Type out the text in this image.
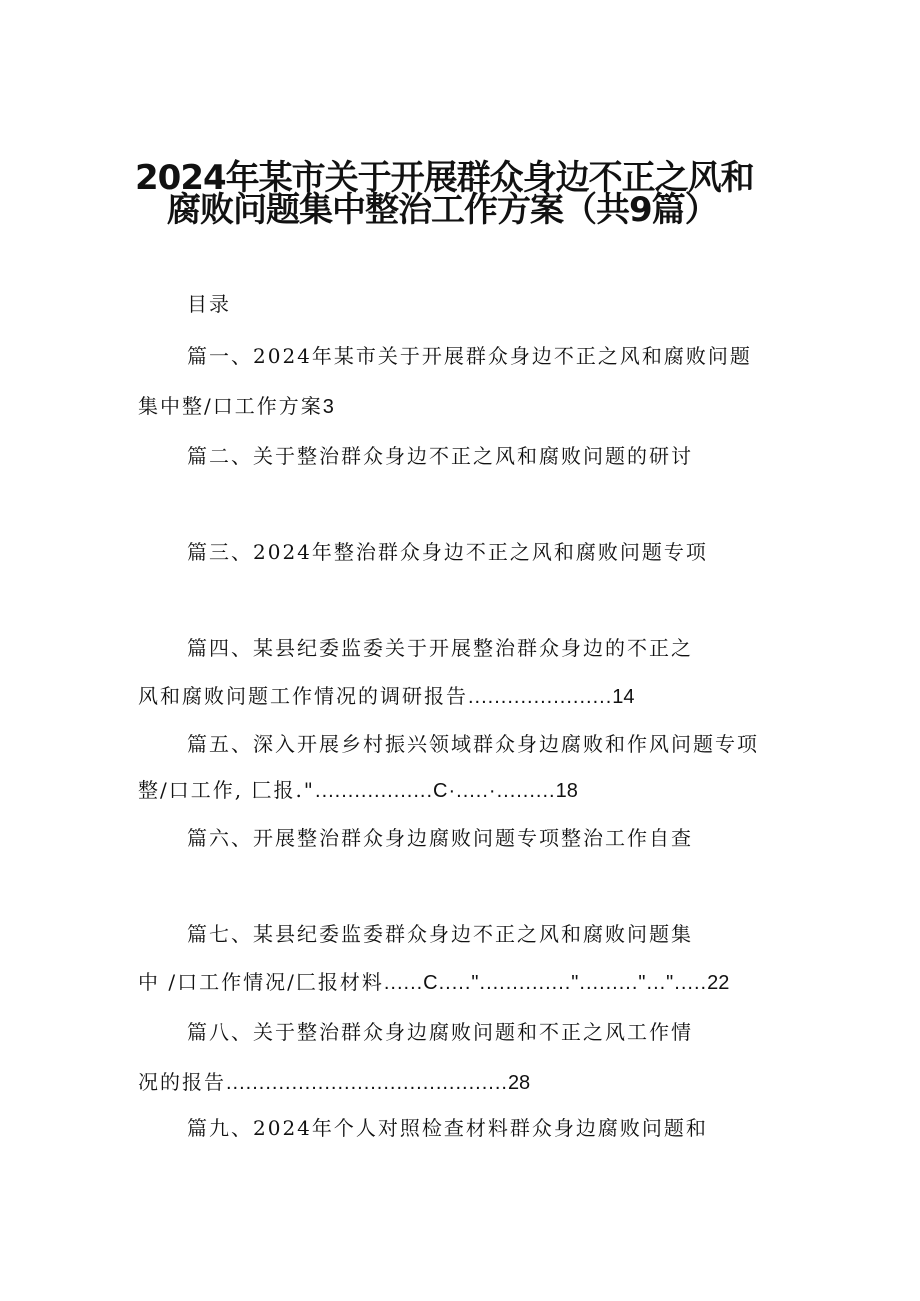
2024年某市关于开展群众身边不正之风和
腐败问题集中整治工作方案（共9篇）
目录
篇一、2024年某市关于开展群众身边不正之风和腐败问题
集中整/口工作方案3
篇二、关于整治群众身边不正之风和腐败问题的研讨
篇三、2024年整治群众身边不正之风和腐败问题专项
篇四、某县纪委监委关于开展整治群众身边的不正之
风和腐败问题工作情况的调研报告......................14
篇五、深入开展乡村振兴领域群众身边腐败和作风问题专项
整/口工作, 匚报."..................C·.....·.........18
篇六、开展整治群众身边腐败问题专项整治工作自查
篇七、某县纪委监委群众身边不正之风和腐败问题集
中 /口工作情况/匚报材料......C.....".............."........."...".....22
篇八、关于整治群众身边腐败问题和不正之风工作情
况的报告...........................................28
篇九、2024年个人对照检查材料群众身边腐败问题和
